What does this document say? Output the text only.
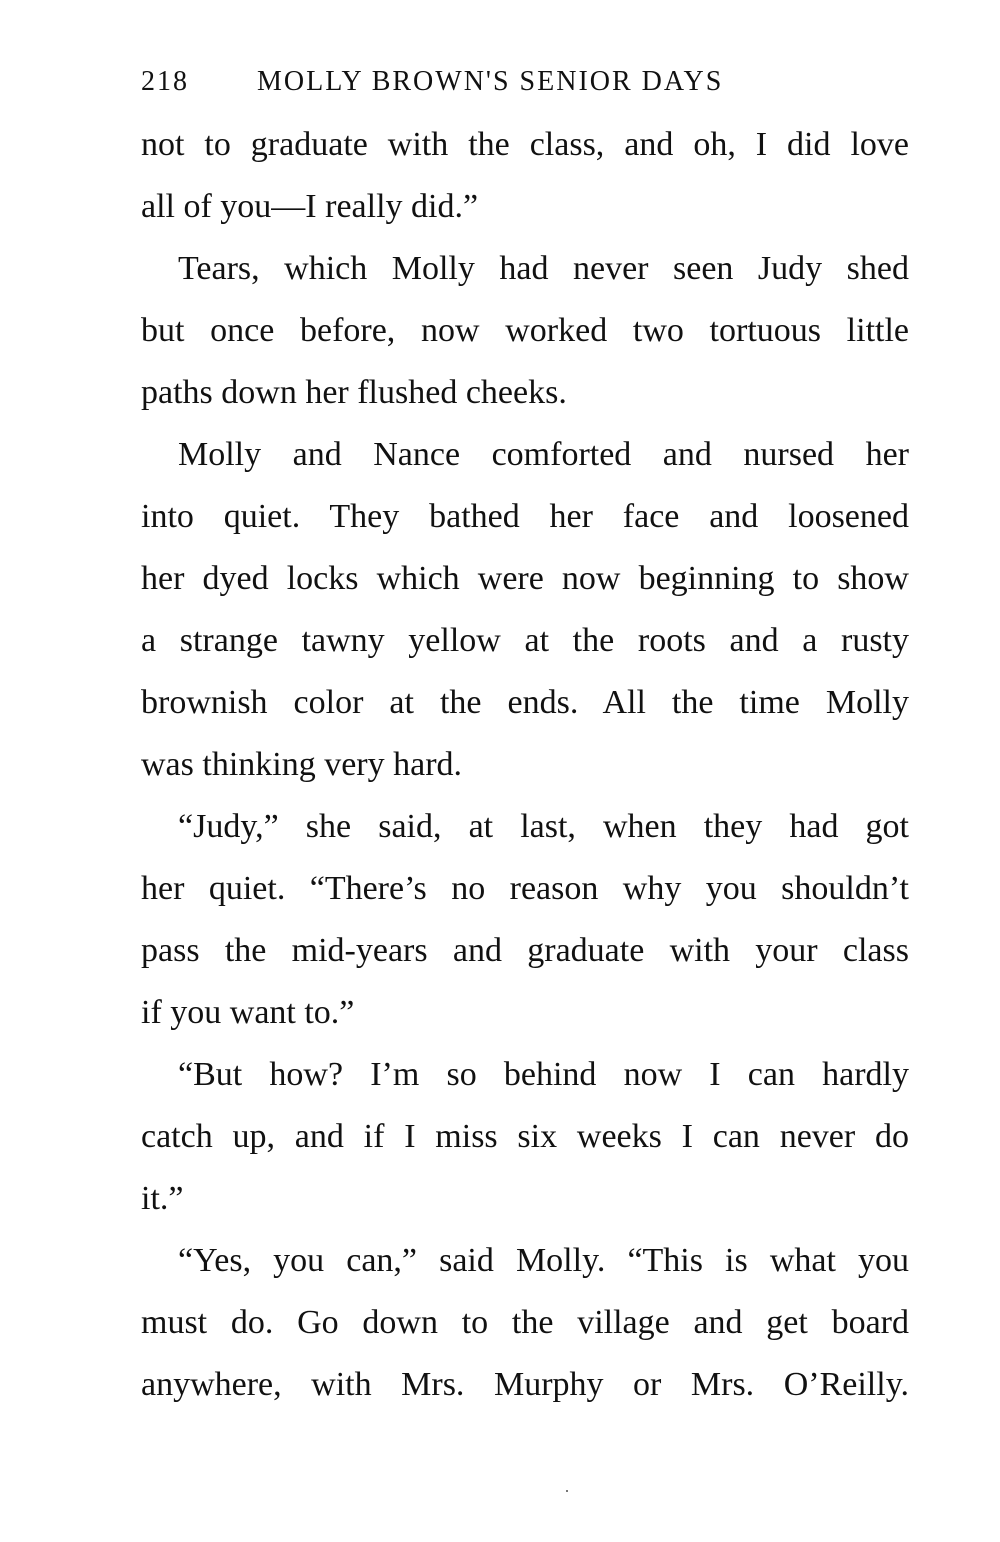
218 MOLLY BROWN'S SENIOR DAYS
not to graduate with the class, and oh, I did love
all of you—I really did.”
Tears, which Molly had never seen Judy shed
but once before, now worked two tortuous little
paths down her flushed cheeks.
Molly and Nance comforted and nursed her
into quiet. They bathed her face and loosened
her dyed locks which were now beginning to show
a strange tawny yellow at the roots and a rusty
brownish color at the ends. All the time Molly
was thinking very hard.
“Judy,” she said, at last, when they had got
her quiet. “There’s no reason why you shouldn’t
pass the mid-years and graduate with your class
if you want to.”
“But how? I’m so behind now I can hardly
catch up, and if I miss six weeks I can never do
it.”
“Yes, you can,” said Molly. “This is what you
must do. Go down to the village and get board
anywhere, with Mrs. Murphy or Mrs. O’Reilly.
